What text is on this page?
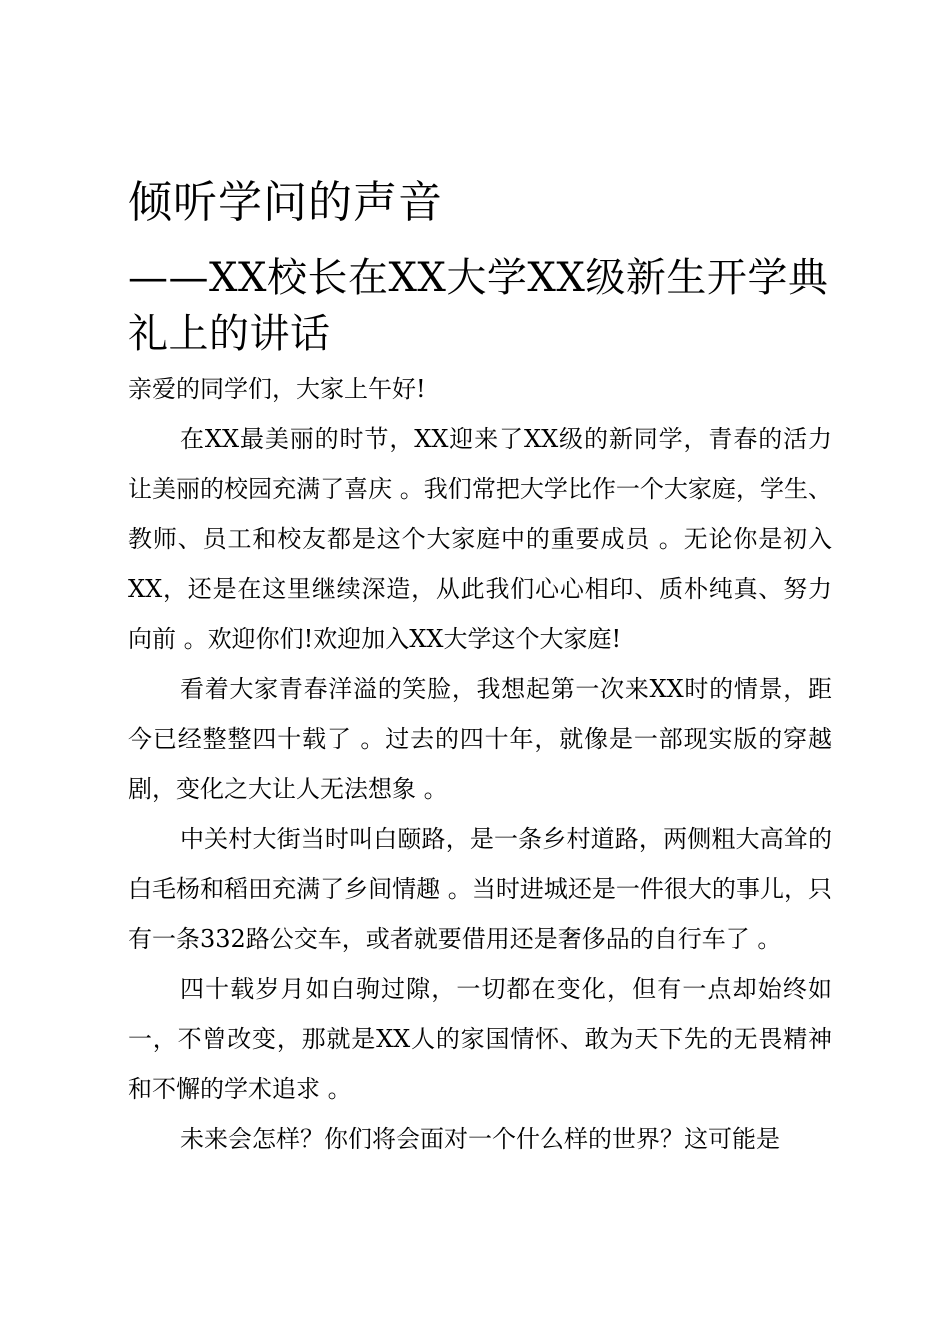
倾听学问的声音
——XX校长在XX大学XX级新生开学典礼上的讲话

亲爱的同学们，大家上午好!

在XX最美丽的时节，XX迎来了XX级的新同学，青春的活力让美丽的校园充满了喜庆 。我们常把大学比作一个大家庭，学生、教师、员工和校友都是这个大家庭中的重要成员 。无论你是初入XX，还是在这里继续深造，从此我们心心相印、质朴纯真、努力向前 。欢迎你们!欢迎加入XX大学这个大家庭!

看着大家青春洋溢的笑脸，我想起第一次来XX时的情景，距今已经整整四十载了 。过去的四十年，就像是一部现实版的穿越剧，变化之大让人无法想象 。

中关村大街当时叫白颐路，是一条乡村道路，两侧粗大高耸的白毛杨和稻田充满了乡间情趣 。当时进城还是一件很大的事儿，只有一条332路公交车，或者就要借用还是奢侈品的自行车了 。

四十载岁月如白驹过隙，一切都在变化，但有一点却始终如一，不曾改变，那就是XX人的家国情怀、敢为天下先的无畏精神和不懈的学术追求 。

未来会怎样？你们将会面对一个什么样的世界？这可能是
